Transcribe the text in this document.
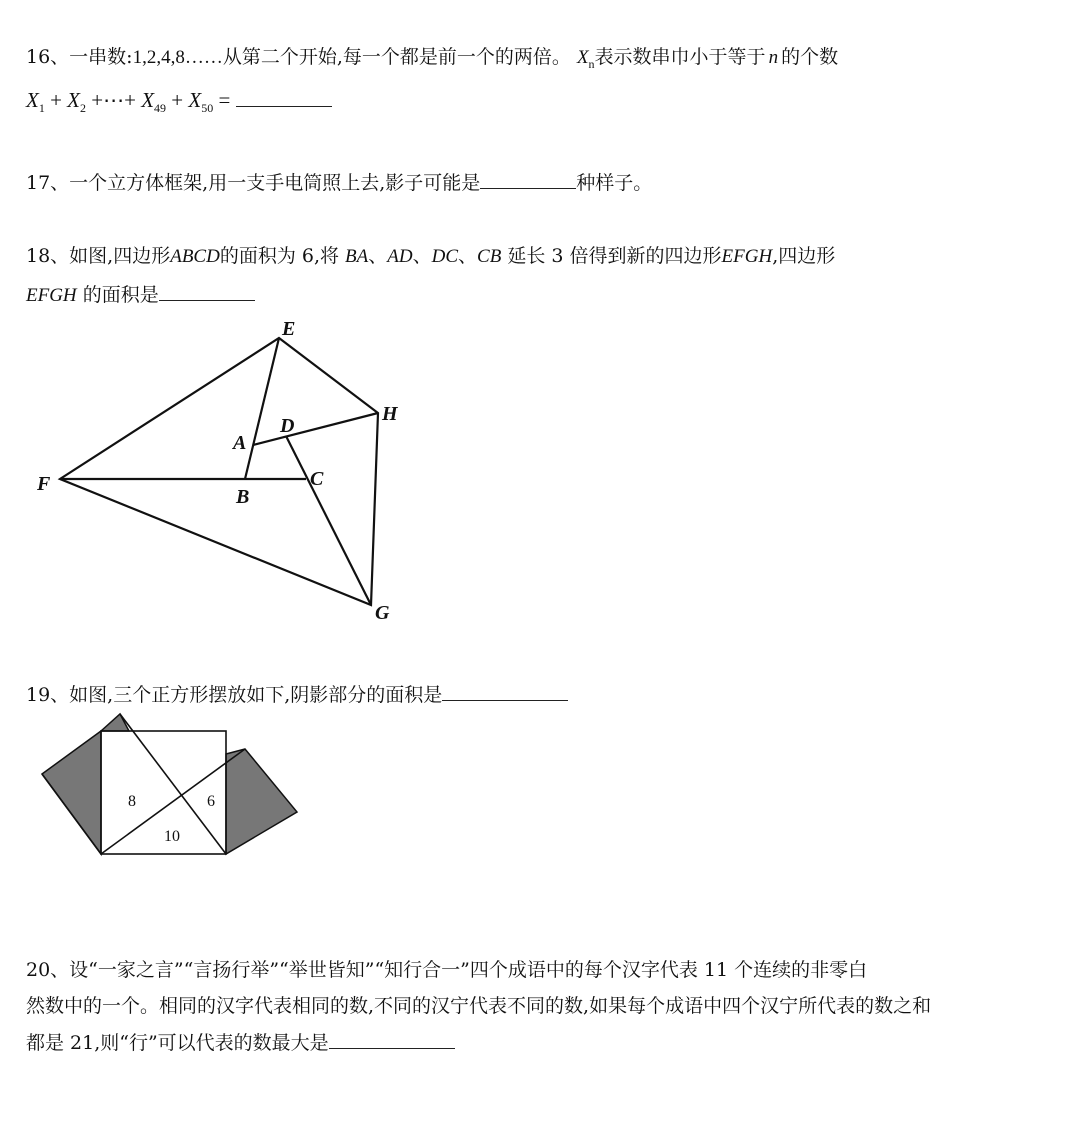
16、一串数:1,2,4,8……从第二个开始,每一个都是前一个的两倍。 $X_n$表示数串巾小于等于 n 的个数
$X_1 + X_2$ +⋯+ $X_{49} + X_{50}$ =
17、一个立方体框架,用一支手电筒照上去,影子可能是	种样子。
18、如图,四边形ABCD的面积为 6,将 BA、AD、DC、CB 延长 3 倍得到新的四边形EFGH,四边形
EFGH 的面积是
E
H
D
A
F	C
B
G
19、如图,三个正方形摆放如下,阴影部分的面积是
8	6
10
20、设“一家之言”“言扬行举”“举世皆知”“知行合一”四个成语中的每个汉字代表 11 个连续的非零白
然数中的一个。相同的汉字代表相同的数,不同的汉宁代表不同的数,如果每个成语中四个汉宁所代表的数之和
都是 21,则“行”可以代表的数最大是
